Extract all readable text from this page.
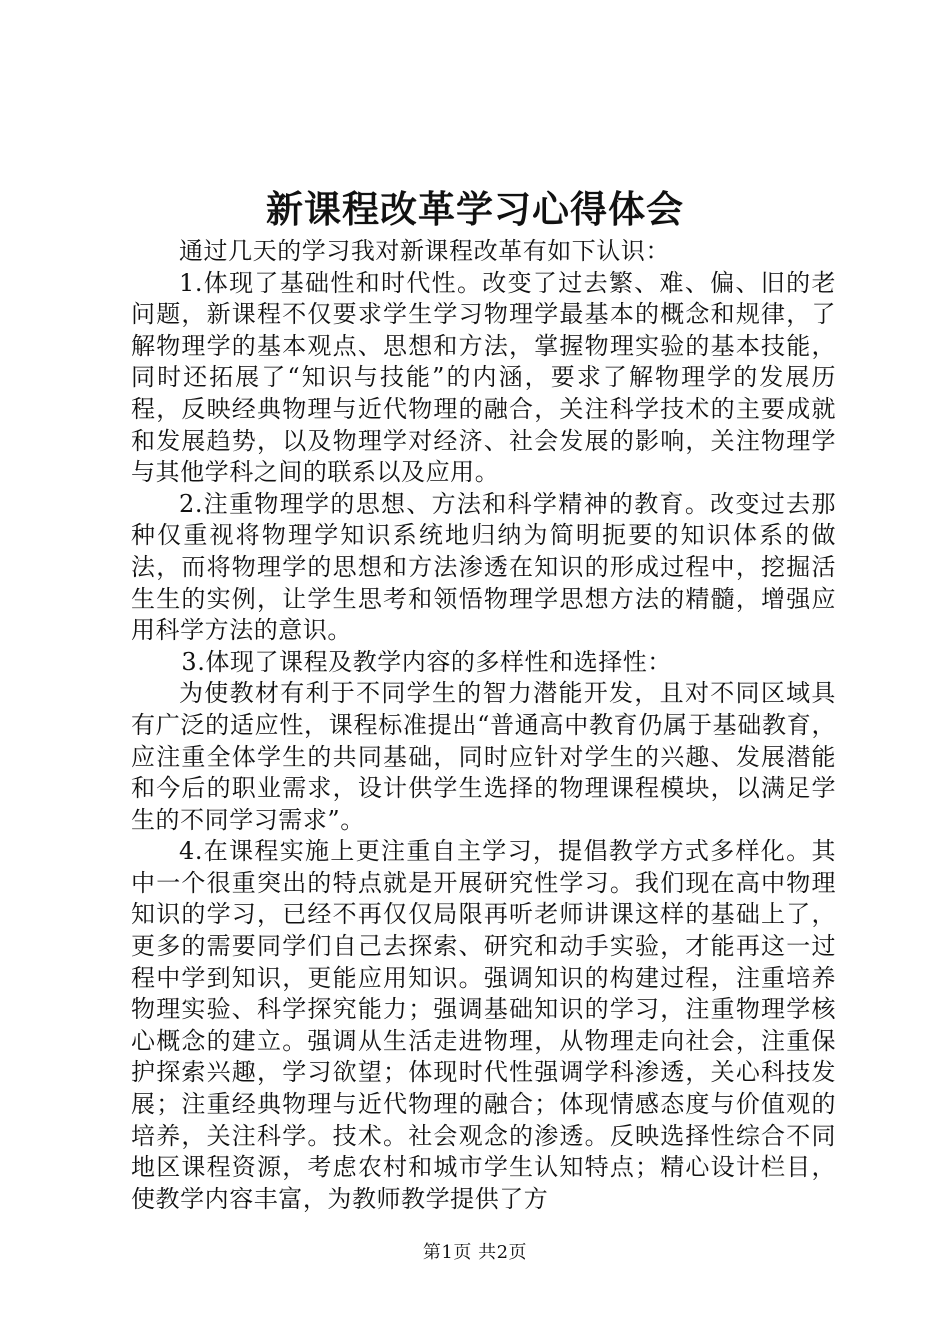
新课程改革学习心得体会

通过几天的学习我对新课程改革有如下认识：

1.体现了基础性和时代性。改变了过去繁、难、偏、旧的老问题，新课程不仅要求学生学习物理学最基本的概念和规律，了解物理学的基本观点、思想和方法，掌握物理实验的基本技能，同时还拓展了“知识与技能”的内涵，要求了解物理学的发展历程，反映经典物理与近代物理的融合，关注科学技术的主要成就和发展趋势，以及物理学对经济、社会发展的影响，关注物理学与其他学科之间的联系以及应用。

2.注重物理学的思想、方法和科学精神的教育。改变过去那种仅重视将物理学知识系统地归纳为简明扼要的知识体系的做法，而将物理学的思想和方法渗透在知识的形成过程中，挖掘活生生的实例，让学生思考和领悟物理学思想方法的精髓，增强应用科学方法的意识。

3.体现了课程及教学内容的多样性和选择性：

为使教材有利于不同学生的智力潜能开发，且对不同区域具有广泛的适应性，课程标准提出“普通高中教育仍属于基础教育，应注重全体学生的共同基础，同时应针对学生的兴趣、发展潜能和今后的职业需求，设计供学生选择的物理课程模块，以满足学生的不同学习需求”。

4.在课程实施上更注重自主学习，提倡教学方式多样化。其中一个很重突出的特点就是开展研究性学习。我们现在高中物理知识的学习，已经不再仅仅局限再听老师讲课这样的基础上了，更多的需要同学们自己去探索、研究和动手实验，才能再这一过程中学到知识，更能应用知识。强调知识的构建过程，注重培养物理实验、科学探究能力；强调基础知识的学习，注重物理学核心概念的建立。强调从生活走进物理，从物理走向社会，注重保护探索兴趣，学习欲望；体现时代性强调学科渗透，关心科技发展；注重经典物理与近代物理的融合；体现情感态度与价值观的培养，关注科学。技术。社会观念的渗透。反映选择性综合不同地区课程资源，考虑农村和城市学生认知特点；精心设计栏目，使教学内容丰富，为教师教学提供了方

第1页 共2页
